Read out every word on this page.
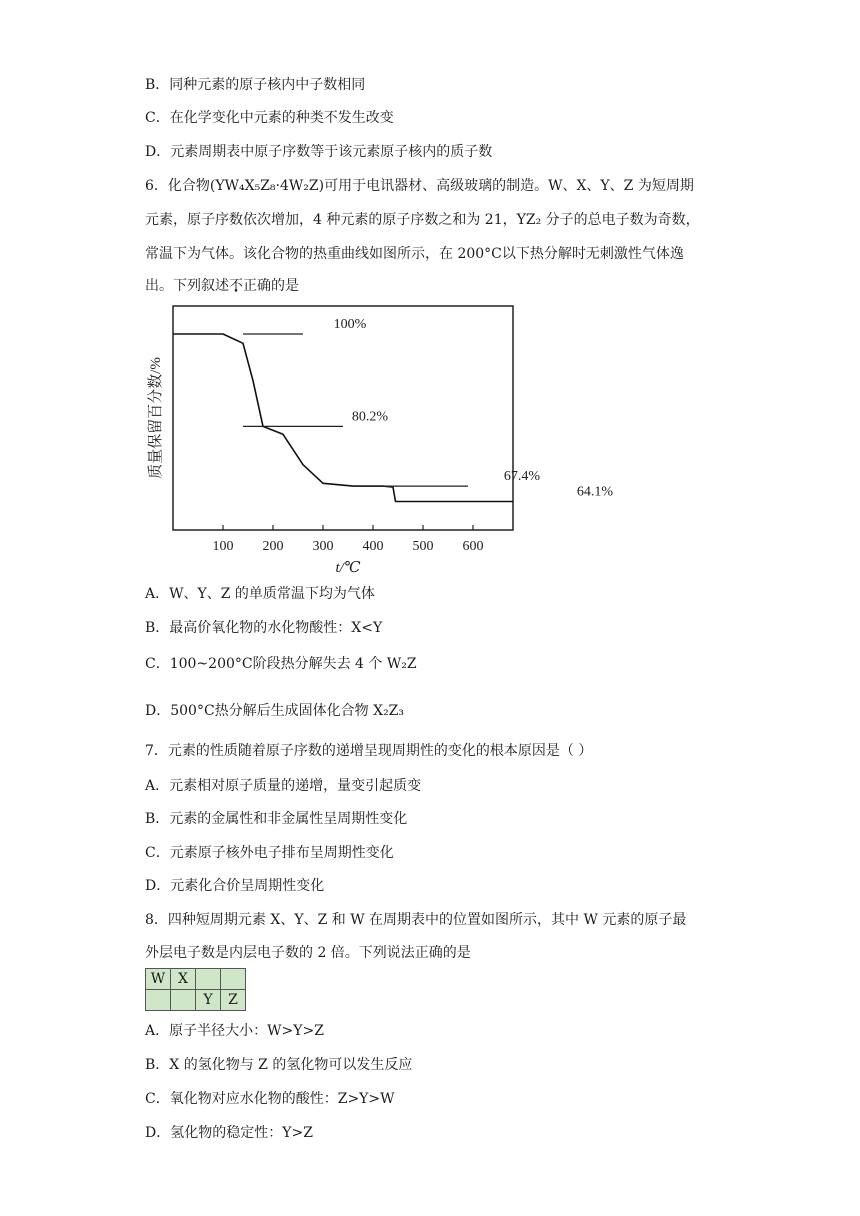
B．同种元素的原子核内中子数相同
C．在化学变化中元素的种类不发生改变
D．元素周期表中原子序数等于该元素原子核内的质子数
6．化合物(YW₄X₅Z₈·4W₂Z)可用于电讯器材、高级玻璃的制造。W、X、Y、Z 为短周期
元素，原子序数依次增加，4 种元素的原子序数之和为 21，YZ₂ 分子的总电子数为奇数，
常温下为气体。该化合物的热重曲线如图所示，在 200°C以下热分解时无刺激性气体逸
出。下列叙述不正确的是
100 200 300 400 500 600
t/℃
质量保留百分数/%
100%
80.2%
67.4%
64.1%
A．W、Y、Z 的单质常温下均为气体
B．最高价氧化物的水化物酸性：X<Y
C．100~200°C阶段热分解失去 4 个 W₂Z
D．500°C热分解后生成固体化合物 X₂Z₃
7．元素的性质随着原子序数的递增呈现周期性的变化的根本原因是（ ）
A．元素相对原子质量的递增，量变引起质变
B．元素的金属性和非金属性呈周期性变化
C．元素原子核外电子排布呈周期性变化
D．元素化合价呈周期性变化
8．四种短周期元素 X、Y、Z 和 W 在周期表中的位置如图所示，其中 W 元素的原子最
外层电子数是内层电子数的 2 倍。下列说法正确的是
W	X		
		Y	Z
A．原子半径大小：W>Y>Z
B．X 的氢化物与 Z 的氢化物可以发生反应
C．氧化物对应水化物的酸性：Z>Y>W
D．氢化物的稳定性：Y>Z
